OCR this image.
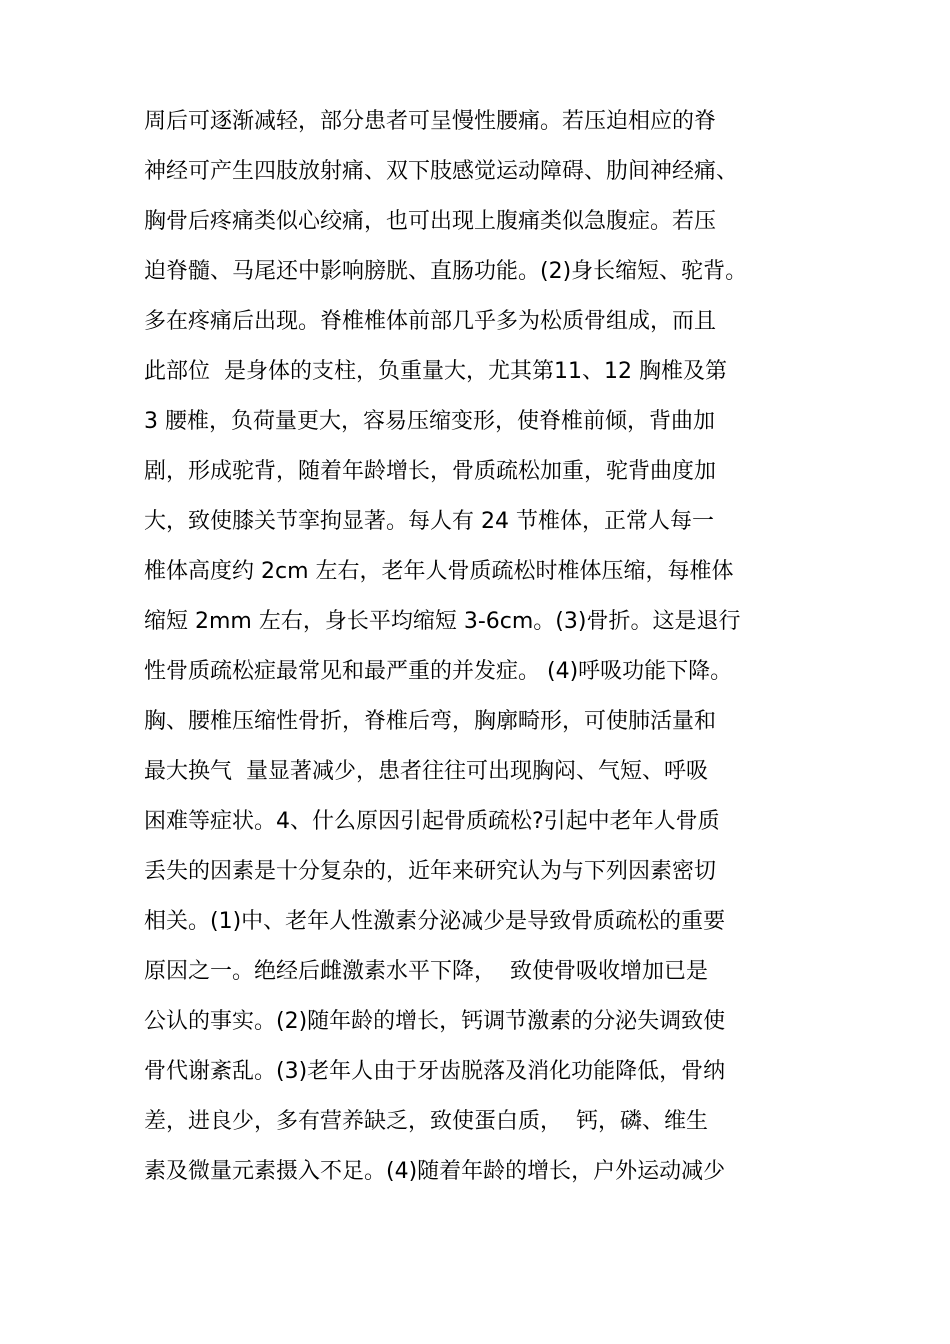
周后可逐渐减轻，部分患者可呈慢性腰痛。若压迫相应的脊
神经可产生四肢放射痛、双下肢感觉运动障碍、肋间神经痛、
胸骨后疼痛类似心绞痛，也可出现上腹痛类似急腹症。若压
迫脊髓、马尾还中影响膀胱、直肠功能。(2)身长缩短、驼背。
多在疼痛后出现。脊椎椎体前部几乎多为松质骨组成，而且
此部位  是身体的支柱，负重量大，尤其第11、12 胸椎及第
3 腰椎，负荷量更大，容易压缩变形，使脊椎前倾，背曲加
剧，形成驼背，随着年龄增长，骨质疏松加重，驼背曲度加
大，致使膝关节挛拘显著。每人有 24 节椎体，正常人每一
椎体高度约 2cm 左右，老年人骨质疏松时椎体压缩，每椎体
缩短 2mm 左右，身长平均缩短 3-6cm。(3)骨折。这是退行
性骨质疏松症最常见和最严重的并发症。 (4)呼吸功能下降。
胸、腰椎压缩性骨折，脊椎后弯，胸廓畸形，可使肺活量和
最大换气  量显著减少，患者往往可出现胸闷、气短、呼吸
困难等症状。4、什么原因引起骨质疏松?引起中老年人骨质
丢失的因素是十分复杂的，近年来研究认为与下列因素密切
相关。(1)中、老年人性激素分泌减少是导致骨质疏松的重要
原因之一。绝经后雌激素水平下降，  致使骨吸收增加已是
公认的事实。(2)随年龄的增长，钙调节激素的分泌失调致使
骨代谢紊乱。(3)老年人由于牙齿脱落及消化功能降低，骨纳
差，进良少，多有营养缺乏，致使蛋白质，  钙，磷、维生
素及微量元素摄入不足。(4)随着年龄的增长，户外运动减少
